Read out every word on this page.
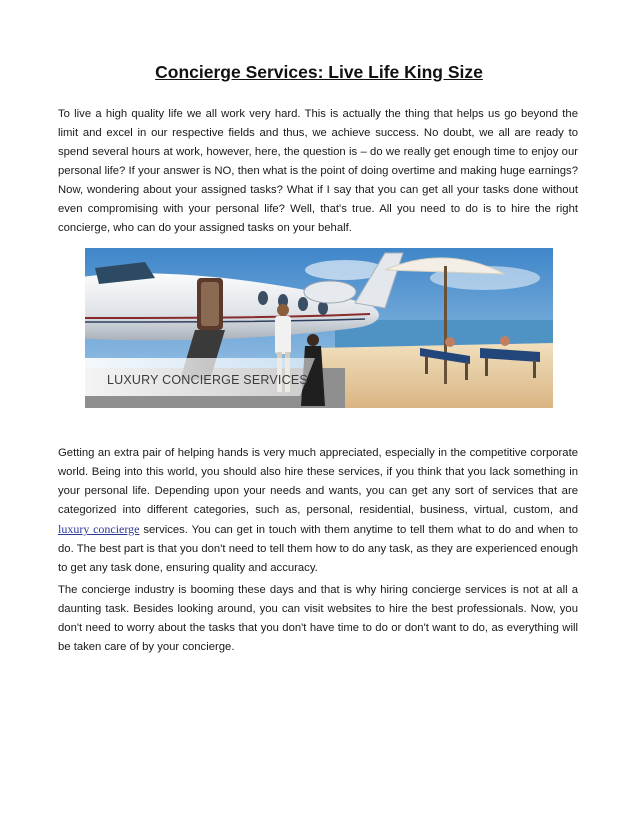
Concierge Services: Live Life King Size

To live a high quality life we all work very hard. This is actually the thing that helps us go beyond the limit and excel in our respective fields and thus, we achieve success. No doubt, we all are ready to spend several hours at work, however, here, the question is – do we really get enough time to enjoy our personal life? If your answer is NO, then what is the point of doing overtime and making huge earnings? Now, wondering about your assigned tasks? What if I say that you can get all your tasks done without even compromising with your personal life? Well, that's true. All you need to do is to hire the right concierge, who can do your assigned tasks on your behalf.

LUXURY CONCIERGE SERVICES

Getting an extra pair of helping hands is very much appreciated, especially in the competitive corporate world. Being into this world, you should also hire these services, if you think that you lack something in your personal life. Depending upon your needs and wants, you can get any sort of services that are categorized into different categories, such as, personal, residential, business, virtual, custom, and luxury concierge services. You can get in touch with them anytime to tell them what to do and when to do. The best part is that you don't need to tell them how to do any task, as they are experienced enough to get any task done, ensuring quality and accuracy.

The concierge industry is booming these days and that is why hiring concierge services is not at all a daunting task. Besides looking around, you can visit websites to hire the best professionals. Now, you don't need to worry about the tasks that you don't have time to do or don't want to do, as everything will be taken care of by your concierge.
